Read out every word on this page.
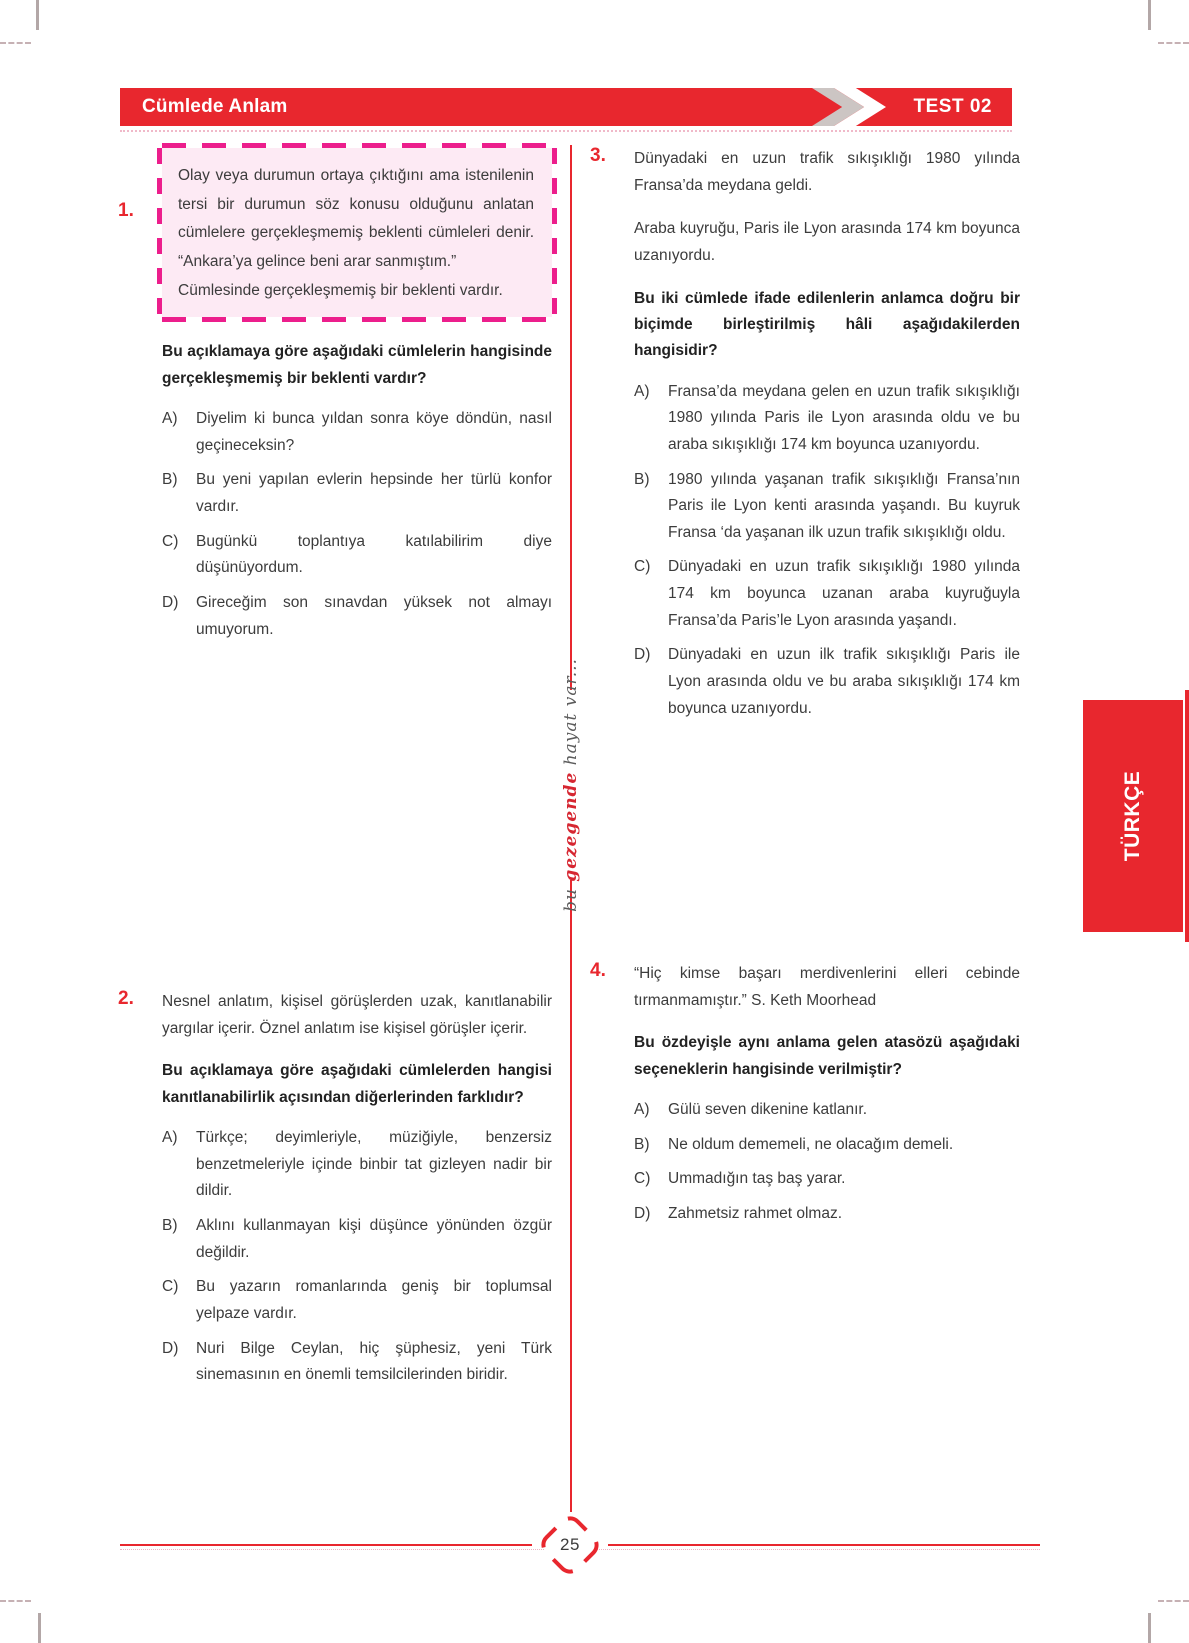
Cümlede Anlam	TEST 02
bu gezegende hayat var...
1.

Olay veya durumun ortaya çıktığını ama istenilenin tersi bir durumun söz konusu olduğunu anlatan cümlelere gerçekleşmemiş beklenti cümleleri denir. “Ankara’ya gelince beni arar sanmıştım.”

Cümlesinde gerçekleşmemiş bir beklenti vardır.

Bu açıklamaya göre aşağıdaki cümlelerin hangisinde gerçekleşmemiş bir beklenti vardır?

A)	Diyelim ki bunca yıldan sonra köye döndün, nasıl geçineceksin?
B)	Bu yeni yapılan evlerin hepsinde her türlü konfor vardır.
C)	Bugünkü toplantıya katılabilirim diye düşünüyordum.
D)	Gireceğim son sınavdan yüksek not almayı umuyorum.
2.	Nesnel anlatım, kişisel görüşlerden uzak, kanıtlanabilir yargılar içerir. Öznel anlatım ise kişisel görüşler içerir.

Bu açıklamaya göre aşağıdaki cümlelerden hangisi kanıtlanabilirlik açısından diğerlerinden farklıdır?

A)	Türkçe; deyimleriyle, müziğiyle, benzersiz benzetmeleriyle içinde binbir tat gizleyen nadir bir dildir.
B)	Aklını kullanmayan kişi düşünce yönünden özgür değildir.
C)	Bu yazarın romanlarında geniş bir toplumsal yelpaze vardır.
D)	Nuri Bilge Ceylan, hiç şüphesiz, yeni Türk sinemasının en önemli temsilcilerinden biridir.
3.	Dünyadaki en uzun trafik sıkışıklığı 1980 yılında Fransa’da meydana geldi.

Araba kuyruğu, Paris ile Lyon arasında 174 km boyunca uzanıyordu.

Bu iki cümlede ifade edilenlerin anlamca doğru bir biçimde birleştirilmiş hâli aşağıdakilerden hangisidir?

A)	Fransa’da meydana gelen en uzun trafik sıkışıklığı 1980 yılında Paris ile Lyon arasında oldu ve bu araba sıkışıklığı 174 km boyunca uzanıyordu.
B)	1980 yılında yaşanan trafik sıkışıklığı Fransa’nın Paris ile Lyon kenti arasında yaşandı. Bu kuyruk Fransa ‘da yaşanan ilk uzun trafik sıkışıklığı oldu.
C)	Dünyadaki en uzun trafik sıkışıklığı 1980 yılında 174 km boyunca uzanan araba kuyruğuyla Fransa’da Paris’le Lyon arasında yaşandı.
D)	Dünyadaki en uzun ilk trafik sıkışıklığı Paris ile Lyon arasında oldu ve bu araba sıkışıklığı 174 km boyunca uzanıyordu.
4.	“Hiç kimse başarı merdivenlerini elleri cebinde tırmanmamıştır.” S. Keth Moorhead

Bu özdeyişle aynı anlama gelen atasözü aşağıdaki seçeneklerin hangisinde verilmiştir?

A)	Gülü seven dikenine katlanır.
B)	Ne oldum dememeli, ne olacağım demeli.
C)	Ummadığın taş baş yarar.
D)	Zahmetsiz rahmet olmaz.
TÜRKÇE
25
